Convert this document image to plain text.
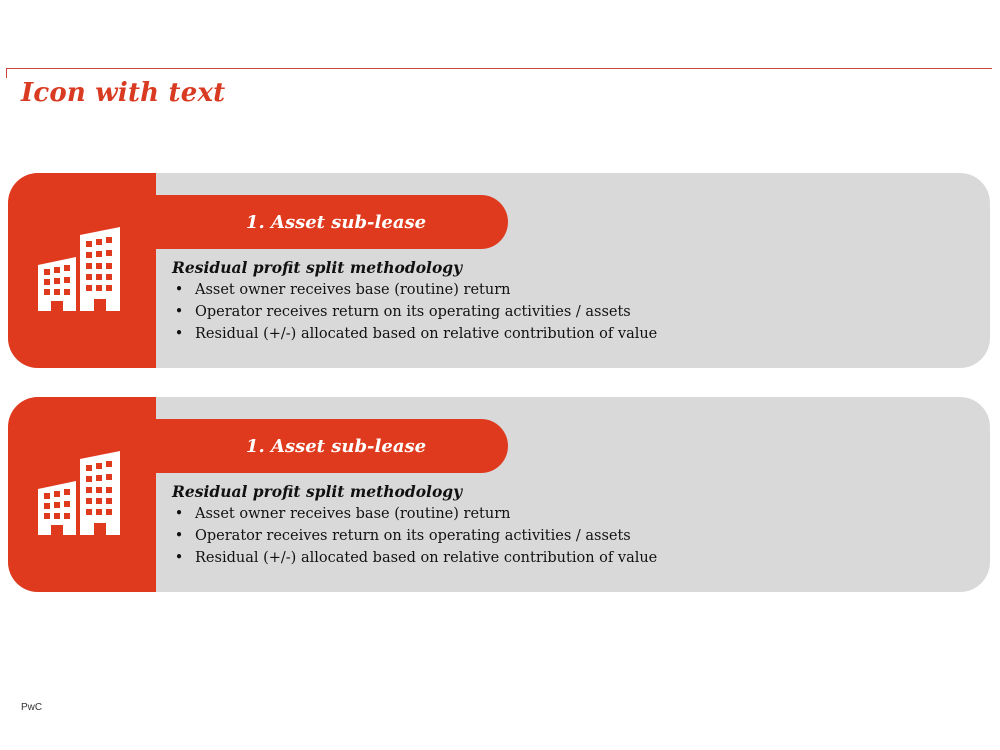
Icon with text
1. Asset sub-lease
Residual profit split methodology
• Asset owner receives base (routine) return
• Operator receives return on its operating activities / assets
• Residual (+/-) allocated based on relative contribution of value
1. Asset sub-lease
Residual profit split methodology
• Asset owner receives base (routine) return
• Operator receives return on its operating activities / assets
• Residual (+/-) allocated based on relative contribution of value
PwC
